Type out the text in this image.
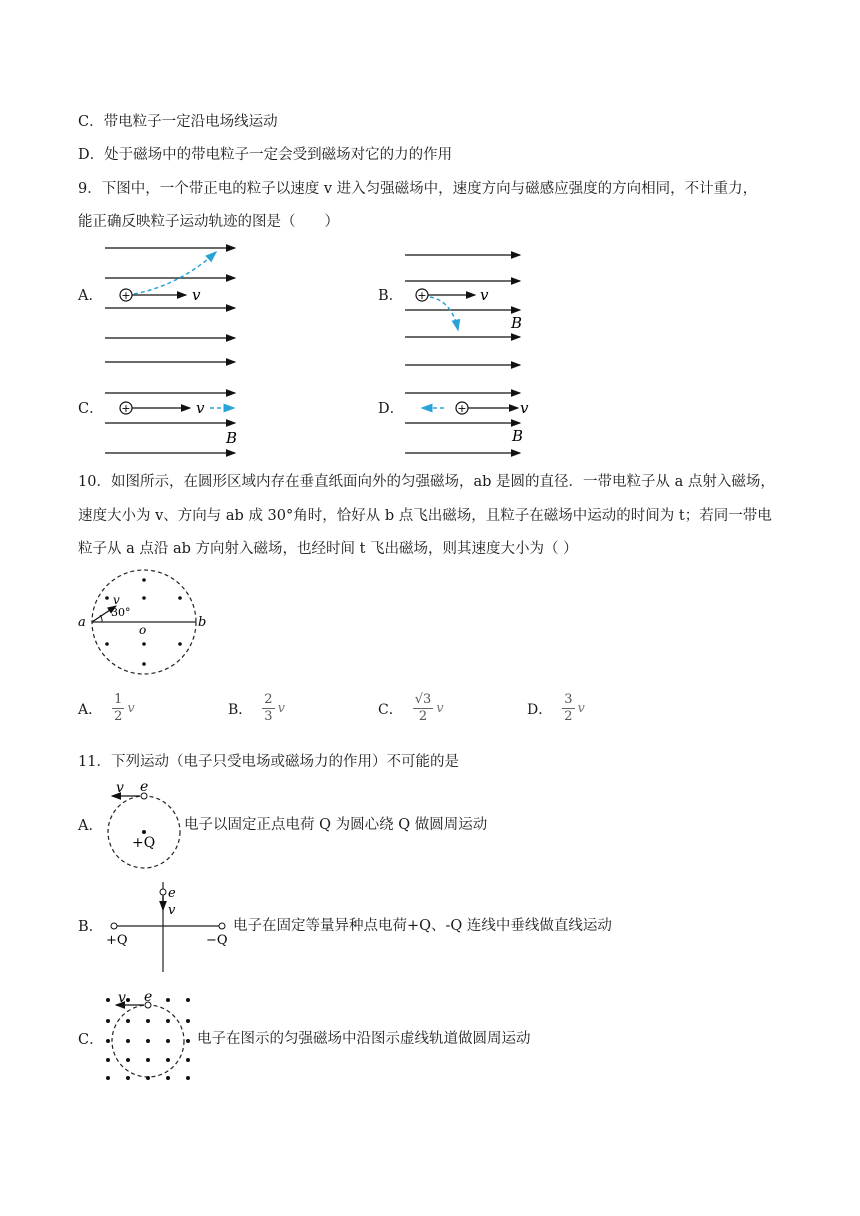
C．带电粒子一定沿电场线运动
D．处于磁场中的带电粒子一定会受到磁场对它的力的作用
9．下图中，一个带正电的粒子以速度 v 进入匀强磁场中，速度方向与磁感应强度的方向相同，不计重力，
能正确反映粒子运动轨迹的图是（　　）
A． +	v	B． +	v
B
C． +	v
B
D．	+	v
B
10．如图所示，在圆形区域内存在垂直纸面向外的匀强磁场，ab 是圆的直径．一带电粒子从 a 点射入磁场，
速度大小为 v、方向与 ab 成 30°角时，恰好从 b 点飞出磁场，且粒子在磁场中运动的时间为 t；若同一带电
粒子从 a 点沿 ab 方向射入磁场，也经时间 t 飞出磁场，则其速度大小为（ ）
v
30°
a	b
o
A．
1
2
v	B．
2
3
v	C．
√3
2
v	D．
3
2
v
11．下列运动（电子只受电场或磁场力的作用）不可能的是
A．
v e
+Q
电子以固定正点电荷 Q 为圆心绕 Q 做圆周运动
B．
e
v
+Q	−Q
电子在固定等量异种点电荷+Q、-Q 连线中垂线做直线运动
C．
v e
电子在图示的匀强磁场中沿图示虚线轨道做圆周运动
